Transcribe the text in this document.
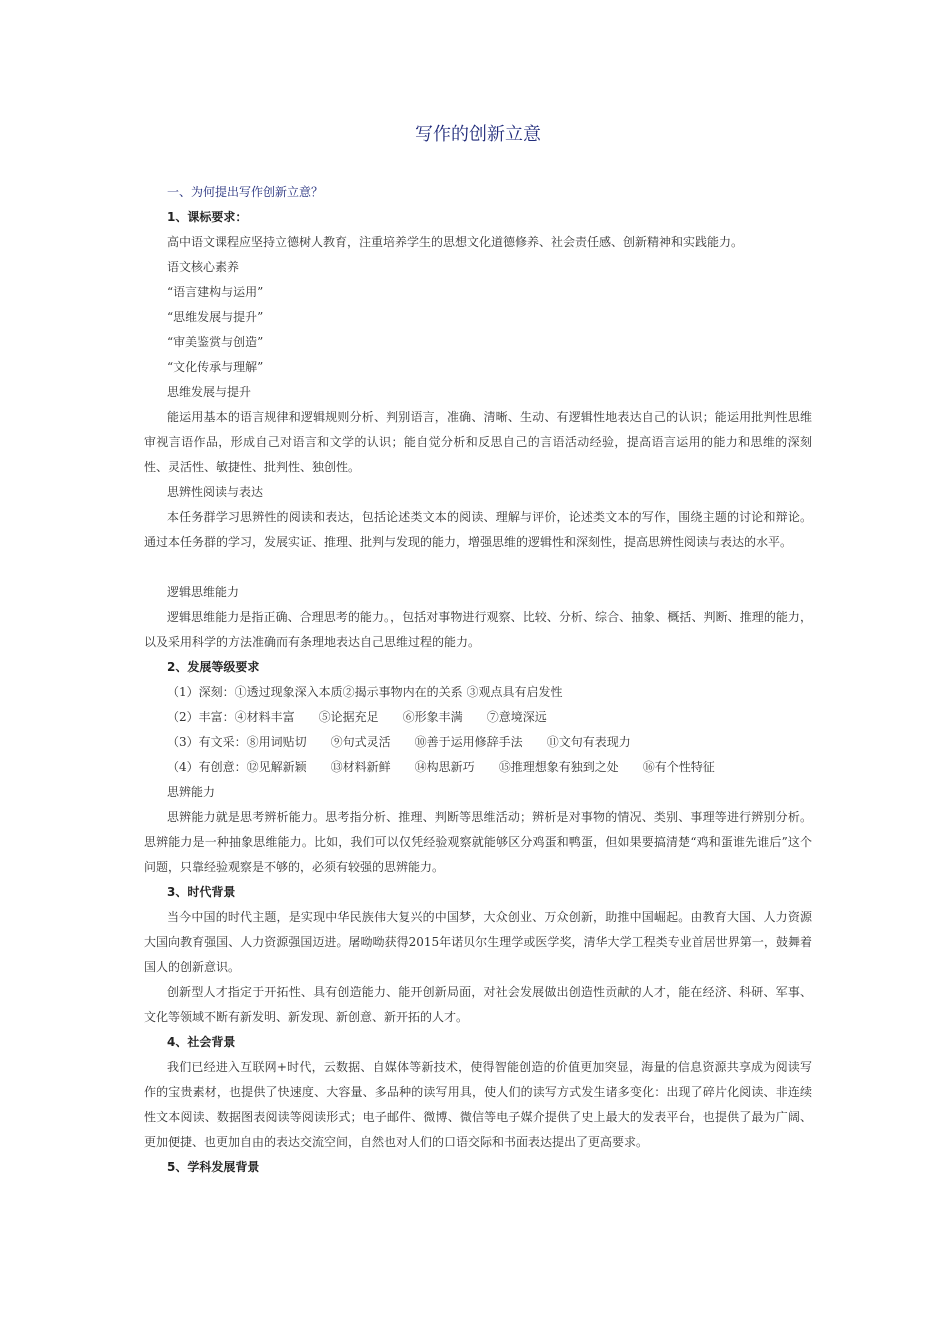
写作的创新立意
一、为何提出写作创新立意？
1、课标要求：
高中语文课程应坚持立德树人教育，注重培养学生的思想文化道德修养、社会责任感、创新精神和实践能力。
语文核心素养
“语言建构与运用”
“思维发展与提升”
“审美鉴赏与创造”
“文化传承与理解”
思维发展与提升

能运用基本的语言规律和逻辑规则分析、判别语言，准确、清晰、生动、有逻辑性地表达自己的认识；能运用批判性思维审视言语作品，形成自己对语言和文学的认识；能自觉分析和反思自己的言语活动经验，提高语言运用的能力和思维的深刻性、灵活性、敏捷性、批判性、独创性。

思辨性阅读与表达

本任务群学习思辨性的阅读和表达，包括论述类文本的阅读、理解与评价，论述类文本的写作，围绕主题的讨论和辩论。通过本任务群的学习，发展实证、推理、批判与发现的能力，增强思维的逻辑性和深刻性，提高思辨性阅读与表达的水平。

逻辑思维能力

逻辑思维能力是指正确、合理思考的能力。，包括对事物进行观察、比较、分析、综合、抽象、概括、判断、推理的能力，以及采用科学的方法准确而有条理地表达自己思维过程的能力。

2、发展等级要求
（1）深刻：①透过现象深入本质②揭示事物内在的关系 ③观点具有启发性
（2）丰富：④材料丰富 ⑤论据充足 ⑥形象丰满 ⑦意境深远
（3）有文采：⑧用词贴切 ⑨句式灵活 ⑩善于运用修辞手法 ⑪文句有表现力
（4）有创意：⑫见解新颖 ⑬材料新鲜 ⑭构思新巧 ⑮推理想象有独到之处 ⑯有个性特征
思辨能力

思辨能力就是思考辨析能力。思考指分析、推理、判断等思维活动；辨析是对事物的情况、类别、事理等进行辨别分析。思辨能力是一种抽象思维能力。比如，我们可以仅凭经验观察就能够区分鸡蛋和鸭蛋，但如果要搞清楚“鸡和蛋谁先谁后”这个问题，只靠经验观察是不够的，必须有较强的思辨能力。

3、时代背景

当今中国的时代主题，是实现中华民族伟大复兴的中国梦，大众创业、万众创新，助推中国崛起。由教育大国、人力资源大国向教育强国、人力资源强国迈进。屠呦呦获得2015年诺贝尔生理学或医学奖，清华大学工程类专业首居世界第一，鼓舞着国人的创新意识。

创新型人才指定于开拓性、具有创造能力、能开创新局面，对社会发展做出创造性贡献的人才，能在经济、科研、军事、文化等领域不断有新发明、新发现、新创意、新开拓的人才。

4、社会背景

我们已经进入互联网+时代，云数据、自媒体等新技术，使得智能创造的价值更加突显，海量的信息资源共享成为阅读写作的宝贵素材，也提供了快速度、大容量、多品种的读写用具，使人们的读写方式发生诸多变化：出现了碎片化阅读、非连续性文本阅读、数据图表阅读等阅读形式；电子邮件、微博、微信等电子媒介提供了史上最大的发表平台，也提供了最为广阔、更加便捷、也更加自由的表达交流空间，自然也对人们的口语交际和书面表达提出了更高要求。

5、学科发展背景
